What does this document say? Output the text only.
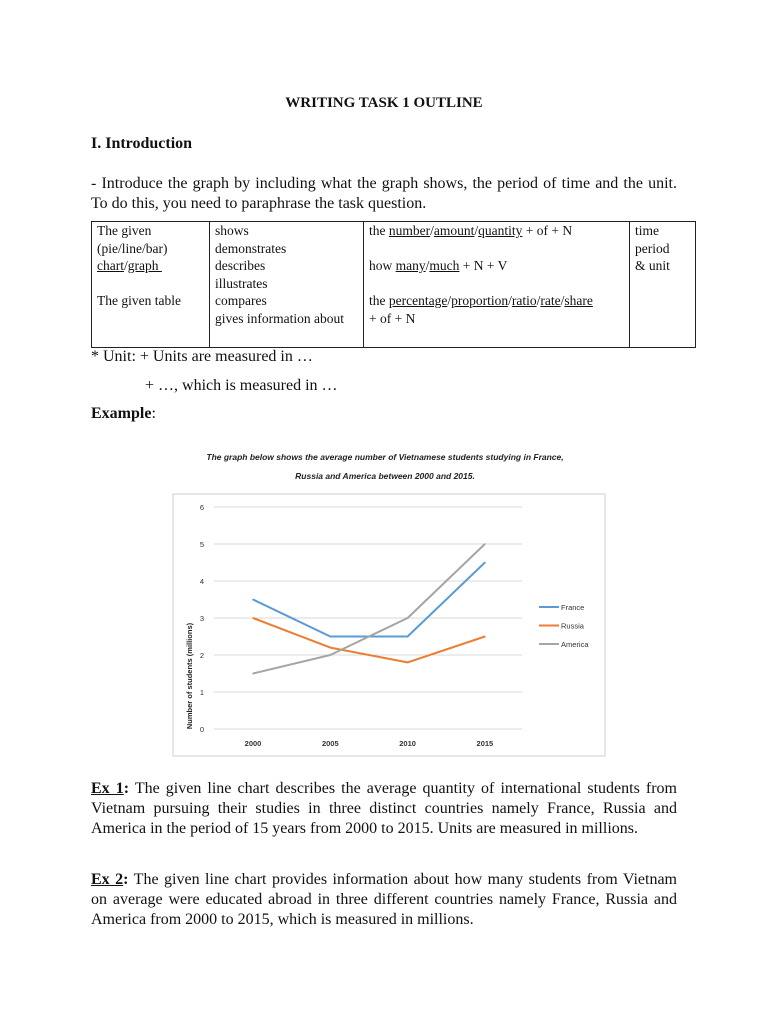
WRITING TASK 1 OUTLINE
I. Introduction
- Introduce the graph by including what the graph shows, the period of time and the unit. To do this, you need to paraphrase the task question.
The given
(pie/line/bar)
chart/graph
The given table

shows
demonstrates
describes
illustrates
compares
gives information about

the number/amount/quantity + of + N
how many/much + N + V
the percentage/proportion/ratio/rate/share
+ of + N

time
period
& unit
* Unit: + Units are measured in …
+ …, which is measured in …
Example:
The graph below shows the average number of Vietnamese students studying in France,
Russia and America between 2000 and 2015.
Number of students (millions)
0
1
2
3
4
5
6
2000	2005	2010	2015
France
Russia
America
Ex 1: The given line chart describes the average quantity of international students from Vietnam pursuing their studies in three distinct countries namely France, Russia and America in the period of 15 years from 2000 to 2015. Units are measured in millions.
Ex 2: The given line chart provides information about how many students from Vietnam on average were educated abroad in three different countries namely France, Russia and America from 2000 to 2015, which is measured in millions.
